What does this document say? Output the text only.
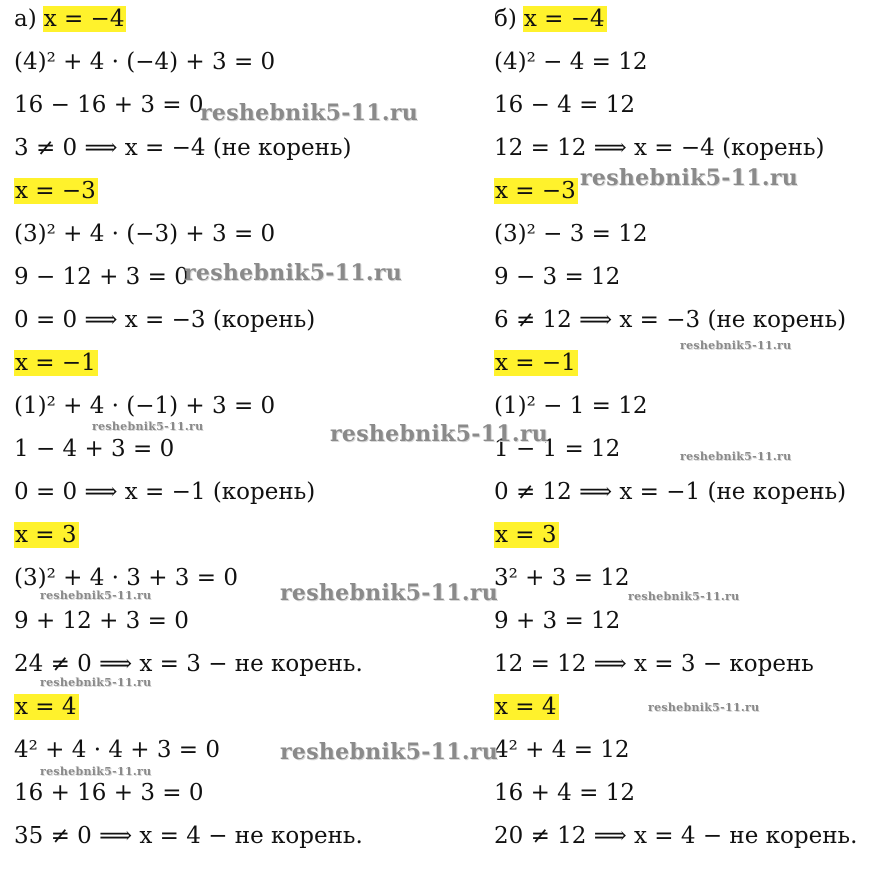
а) x = −4
(4)² + 4 · (−4) + 3 = 0
16 − 16 + 3 = 0
3 ≠ 0 ⟹ x = −4 (не корень)
x = −3
(3)² + 4 · (−3) + 3 = 0
9 − 12 + 3 = 0
0 = 0 ⟹ x = −3 (корень)
x = −1
(1)² + 4 · (−1) + 3 = 0
1 − 4 + 3 = 0
0 = 0 ⟹ x = −1 (корень)
x = 3
(3)² + 4 · 3 + 3 = 0
9 + 12 + 3 = 0
24 ≠ 0 ⟹ x = 3 − не корень.
x = 4
4² + 4 · 4 + 3 = 0
16 + 16 + 3 = 0
35 ≠ 0 ⟹ x = 4 − не корень.
б) x = −4
(4)² − 4 = 12
16 − 4 = 12
12 = 12 ⟹ x = −4 (корень)
x = −3
(3)² − 3 = 12
9 − 3 = 12
6 ≠ 12 ⟹ x = −3 (не корень)
x = −1
(1)² − 1 = 12
1 − 1 = 12
0 ≠ 12 ⟹ x = −1 (не корень)
x = 3
3² + 3 = 12
9 + 3 = 12
12 = 12 ⟹ x = 3 − корень
x = 4
4² + 4 = 12
16 + 4 = 12
20 ≠ 12 ⟹ x = 4 − не корень.
reshebnik5-11.ru
reshebnik5-11.ru
reshebnik5-11.ru
reshebnik5-11.ru
reshebnik5-11.ru	reshebnik5-11.ru
reshebnik5-11.ru
reshebnik5-11.ru	reshebnik5-11.ru	reshebnik5-11.ru
reshebnik5-11.ru
reshebnik5-11.ru
reshebnik5-11.ru
reshebnik5-11.ru
